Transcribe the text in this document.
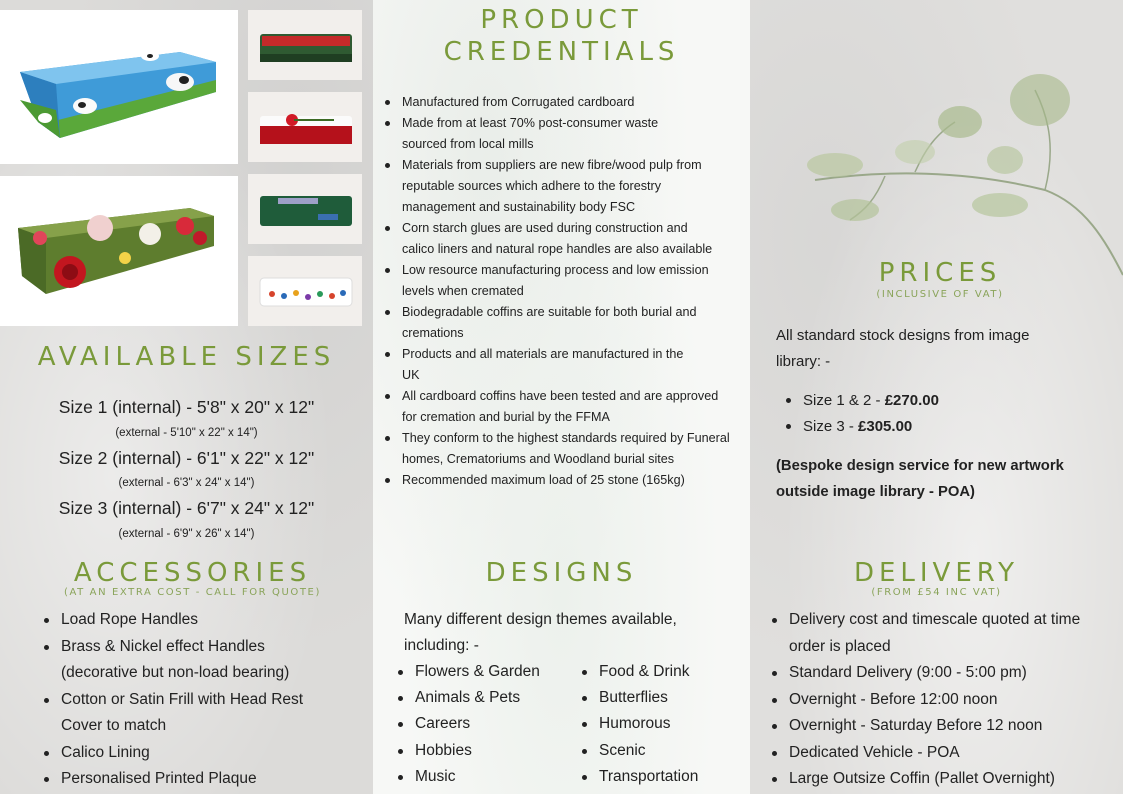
AVAILABLE SIZES
Size 1 (internal) - 5'8" x 20" x 12"
(external - 5'10" x 22" x 14")
Size 2 (internal) - 6'1" x 22" x 12"
(external - 6'3" x 24" x 14")
Size 3 (internal) - 6'7" x 24" x 12"
(external - 6'9" x 26" x 14")
ACCESSORIES
(AT AN EXTRA COST - CALL FOR QUOTE)
Load Rope Handles
Brass & Nickel effect Handles (decorative but non-load bearing)
Cotton or Satin Frill with Head Rest Cover to match
Calico Lining
Personalised Printed Plaque
PRODUCT
CREDENTIALS
Manufactured from Corrugated cardboard
Made from at least 70% post-consumer waste sourced from local mills
Materials from suppliers are new fibre/wood pulp from reputable sources which adhere to the forestry management and sustainability body FSC
Corn starch glues are used during construction and calico liners and natural rope handles are also available
Low resource manufacturing process and low emission levels when cremated
Biodegradable coffins are suitable for both burial and cremations
Products and all materials are manufactured in the UK
All cardboard coffins have been tested and are approved for cremation and burial by the FFMA
They conform to the highest standards required by Funeral homes, Crematoriums and Woodland burial sites
Recommended maximum load of 25 stone (165kg)
DESIGNS
Many different design themes available, including: -
Flowers & Garden
Animals & Pets
Careers
Hobbies
Music
Food & Drink
Butterflies
Humorous
Scenic
Transportation
PRICES
(INCLUSIVE OF VAT)
All standard stock designs from image library: -
Size 1 & 2 - £270.00
Size 3 - £305.00
(Bespoke design service for new artwork outside image library - POA)
DELIVERY
(FROM £54 INC VAT)
Delivery cost and timescale quoted at time order is placed
Standard Delivery (9:00 - 5:00 pm)
Overnight - Before 12:00 noon
Overnight - Saturday Before 12 noon
Dedicated Vehicle - POA
Large Outsize Coffin (Pallet Overnight)
